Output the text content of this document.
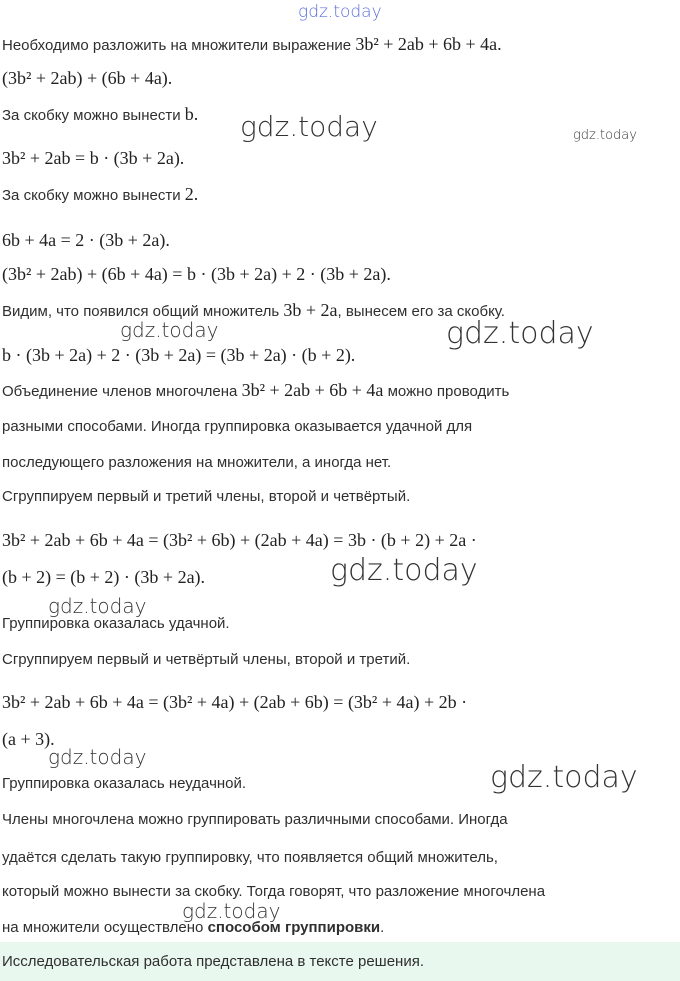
gdz.today
gdz.today	gdz.today
gdz.today	gdz.today
gdz.today
gdz.today
gdz.today
gdz.today
gdz.today
Необходимо разложить на множители выражение 3b² + 2ab + 6b + 4a.
(3b² + 2ab) + (6b + 4a).
За скобку можно вынести b.
3b² + 2ab = b · (3b + 2a).
За скобку можно вынести 2.
6b + 4a = 2 · (3b + 2a).
(3b² + 2ab) + (6b + 4a) = b · (3b + 2a) + 2 · (3b + 2a).
Видим, что появился общий множитель 3b + 2a, вынесем его за скобку.
b · (3b + 2a) + 2 · (3b + 2a) = (3b + 2a) · (b + 2).
Объединение членов многочлена 3b² + 2ab + 6b + 4a можно проводить
разными способами. Иногда группировка оказывается удачной для
последующего разложения на множители, а иногда нет.
Сгруппируем первый и третий члены, второй и четвёртый.
3b² + 2ab + 6b + 4a = (3b² + 6b) + (2ab + 4a) = 3b · (b + 2) + 2a ·
(b + 2) = (b + 2) · (3b + 2a).
Группировка оказалась удачной.
Сгруппируем первый и четвёртый члены, второй и третий.
3b² + 2ab + 6b + 4a = (3b² + 4a) + (2ab + 6b) = (3b² + 4a) + 2b ·
(a + 3).
Группировка оказалась неудачной.
Члены многочлена можно группировать различными способами. Иногда
удаётся сделать такую группировку, что появляется общий множитель,
который можно вынести за скобку. Тогда говорят, что разложение многочлена
на множители осуществлено способом группировки.
Исследовательская работа представлена в тексте решения.
